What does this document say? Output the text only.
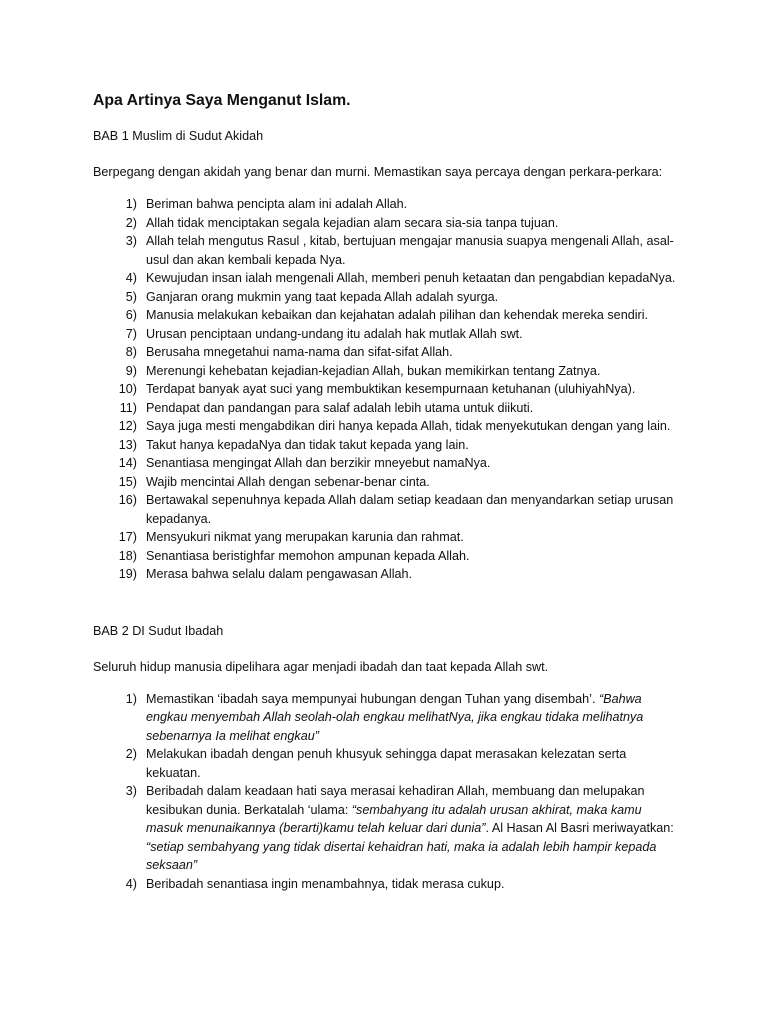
Apa Artinya Saya Menganut Islam.
BAB 1 Muslim di Sudut Akidah
Berpegang dengan akidah yang benar dan murni. Memastikan saya percaya dengan perkara-perkara:
1) Beriman bahwa pencipta alam ini adalah Allah.
2) Allah tidak menciptakan segala kejadian alam secara sia-sia tanpa tujuan.
3) Allah telah mengutus Rasul , kitab, bertujuan mengajar manusia suapya mengenali Allah, asal-usul dan akan kembali kepada Nya.
4) Kewujudan insan ialah mengenali Allah, memberi penuh ketaatan dan pengabdian kepadaNya.
5) Ganjaran orang mukmin yang taat kepada Allah adalah syurga.
6) Manusia melakukan kebaikan dan kejahatan adalah pilihan dan kehendak mereka sendiri.
7) Urusan penciptaan undang-undang itu adalah hak mutlak Allah swt.
8) Berusaha mnegetahui nama-nama dan sifat-sifat Allah.
9) Merenungi kehebatan kejadian-kejadian Allah, bukan memikirkan tentang Zatnya.
10) Terdapat banyak ayat suci yang membuktikan kesempurnaan ketuhanan (uluhiyahNya).
11) Pendapat dan pandangan para salaf adalah lebih utama untuk diikuti.
12) Saya juga mesti mengabdikan diri hanya kepada Allah, tidak menyekutukan dengan yang lain.
13) Takut hanya kepadaNya dan tidak takut kepada yang lain.
14) Senantiasa mengingat Allah dan berzikir mneyebut namaNya.
15) Wajib mencintai Allah dengan sebenar-benar cinta.
16) Bertawakal sepenuhnya kepada Allah dalam setiap keadaan dan menyandarkan setiap urusan kepadanya.
17) Mensyukuri nikmat yang merupakan karunia dan rahmat.
18) Senantiasa beristighfar memohon ampunan kepada Allah.
19) Merasa bahwa selalu dalam pengawasan Allah.
BAB 2 DI Sudut Ibadah
Seluruh hidup manusia dipelihara agar menjadi ibadah dan taat kepada Allah swt.
1) Memastikan ‘ibadah saya mempunyai hubungan dengan Tuhan yang disembah’. “Bahwa engkau menyembah Allah seolah-olah engkau melihatNya, jika engkau tidaka melihatnya sebenarnya Ia melihat engkau”
2) Melakukan ibadah dengan penuh khusyuk sehingga dapat merasakan kelezatan serta kekuatan.
3) Beribadah dalam keadaan hati saya merasai kehadiran Allah, membuang dan melupakan kesibukan dunia. Berkatalah ‘ulama: “sembahyang itu adalah urusan akhirat, maka kamu masuk menunaikannya (berarti)kamu telah keluar dari dunia”. Al Hasan Al Basri meriwayatkan: “setiap sembahyang yang tidak disertai kehaidran hati, maka ia adalah lebih hampir kepada seksaan”
4) Beribadah senantiasa ingin menambahnya, tidak merasa cukup.
